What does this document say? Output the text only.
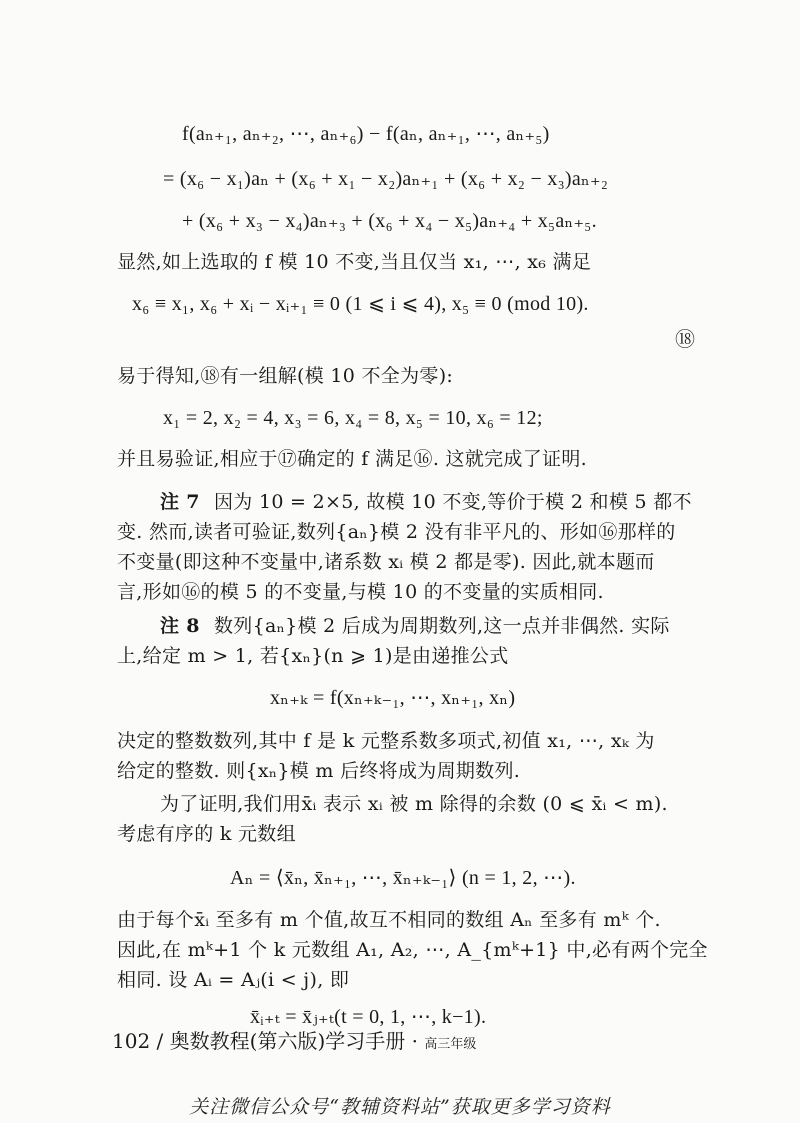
f(aₙ₊₁, aₙ₊₂, ⋯, aₙ₊₆) − f(aₙ, aₙ₊₁, ⋯, aₙ₊₅)
= (x₆ − x₁)aₙ + (x₆ + x₁ − x₂)aₙ₊₁ + (x₆ + x₂ − x₃)aₙ₊₂
+ (x₆ + x₃ − x₄)aₙ₊₃ + (x₆ + x₄ − x₅)aₙ₊₄ + x₅aₙ₊₅.
显然,如上选取的 f 模 10 不变,当且仅当 x₁, ⋯, x₆ 满足
x₆ ≡ x₁, x₆ + xᵢ − xᵢ₊₁ ≡ 0 (1 ⩽ i ⩽ 4), x₅ ≡ 0 (mod 10).
⑱
易于得知,⑱有一组解(模 10 不全为零):
x₁ = 2, x₂ = 4, x₃ = 6, x₄ = 8, x₅ = 10, x₆ = 12;
并且易验证,相应于⑰确定的 f 满足⑯. 这就完成了证明.
注 7 因为 10 = 2×5, 故模 10 不变,等价于模 2 和模 5 都不
变. 然而,读者可验证,数列{aₙ}模 2 没有非平凡的、形如⑯那样的
不变量(即这种不变量中,诸系数 xᵢ 模 2 都是零). 因此,就本题而
言,形如⑯的模 5 的不变量,与模 10 的不变量的实质相同.
注 8 数列{aₙ}模 2 后成为周期数列,这一点并非偶然. 实际
上,给定 m > 1, 若{xₙ}(n ⩾ 1)是由递推公式
xₙ₊ₖ = f(xₙ₊ₖ₋₁, ⋯, xₙ₊₁, xₙ)
决定的整数数列,其中 f 是 k 元整系数多项式,初值 x₁, ⋯, xₖ 为
给定的整数. 则{xₙ}模 m 后终将成为周期数列.
为了证明,我们用x̄ᵢ 表示 xᵢ 被 m 除得的余数 (0 ⩽ x̄ᵢ < m).
考虑有序的 k 元数组
Aₙ = ⟨x̄ₙ, x̄ₙ₊₁, ⋯, x̄ₙ₊ₖ₋₁⟩ (n = 1, 2, ⋯).
由于每个x̄ᵢ 至多有 m 个值,故互不相同的数组 Aₙ 至多有 mᵏ 个.
因此,在 mᵏ+1 个 k 元数组 A₁, A₂, ⋯, A_{mᵏ+1} 中,必有两个完全
相同. 设 Aᵢ = Aⱼ(i < j), 即
x̄ᵢ₊ₜ = x̄ⱼ₊ₜ(t = 0, 1, ⋯, k−1).
102 / 奥数教程(第六版)学习手册 · 高三年级
关注微信公众号“教辅资料站”获取更多学习资料
